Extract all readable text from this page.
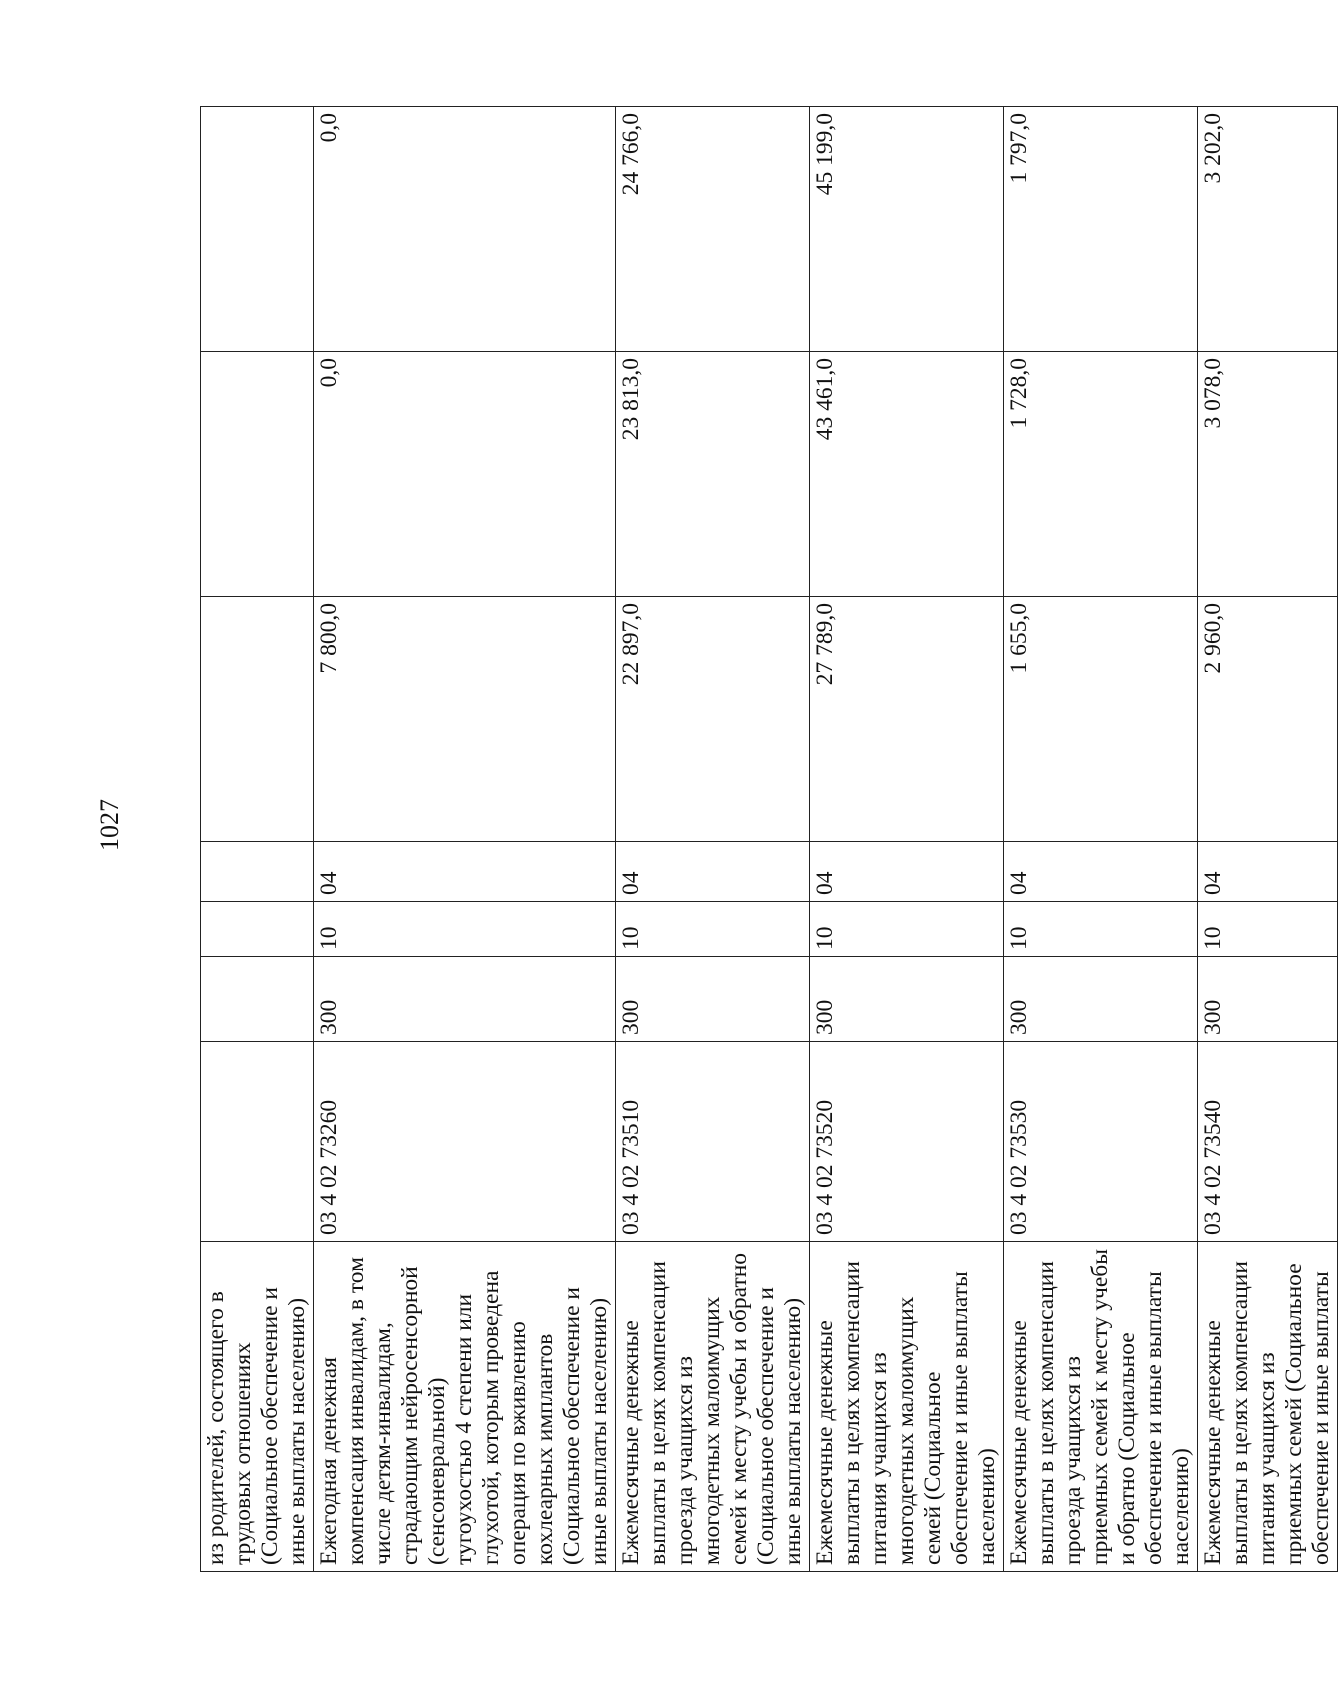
1027
из родителей, состоящего в трудовых отношениях (Социальное обеспечение и иные выплаты населению)							
Ежегодная денежная компенсация инвалидам, в том числе детям-инвалидам, страдающим нейросенсорной (сенсоневральной) тугоухостью 4 степени или глухотой, которым проведена операция по вживлению кохлеарных имплантов (Социальное обеспечение и иные выплаты населению)	03 4 02 73260	300	10	04	7 800,0	0,0	0,0
Ежемесячные денежные выплаты в целях компенсации проезда учащихся из многодетных малоимущих семей к месту учебы и обратно (Социальное обеспечение и иные выплаты населению)	03 4 02 73510	300	10	04	22 897,0	23 813,0	24 766,0
Ежемесячные денежные выплаты в целях компенсации питания учащихся из многодетных малоимущих семей (Социальное обеспечение и иные выплаты населению)	03 4 02 73520	300	10	04	27 789,0	43 461,0	45 199,0
Ежемесячные денежные выплаты в целях компенсации проезда учащихся из приемных семей к месту учебы и обратно (Социальное обеспечение и иные выплаты населению)	03 4 02 73530	300	10	04	1 655,0	1 728,0	1 797,0
Ежемесячные денежные выплаты в целях компенсации питания учащихся из приемных семей (Социальное обеспечение и иные выплаты	03 4 02 73540	300	10	04	2 960,0	3 078,0	3 202,0
